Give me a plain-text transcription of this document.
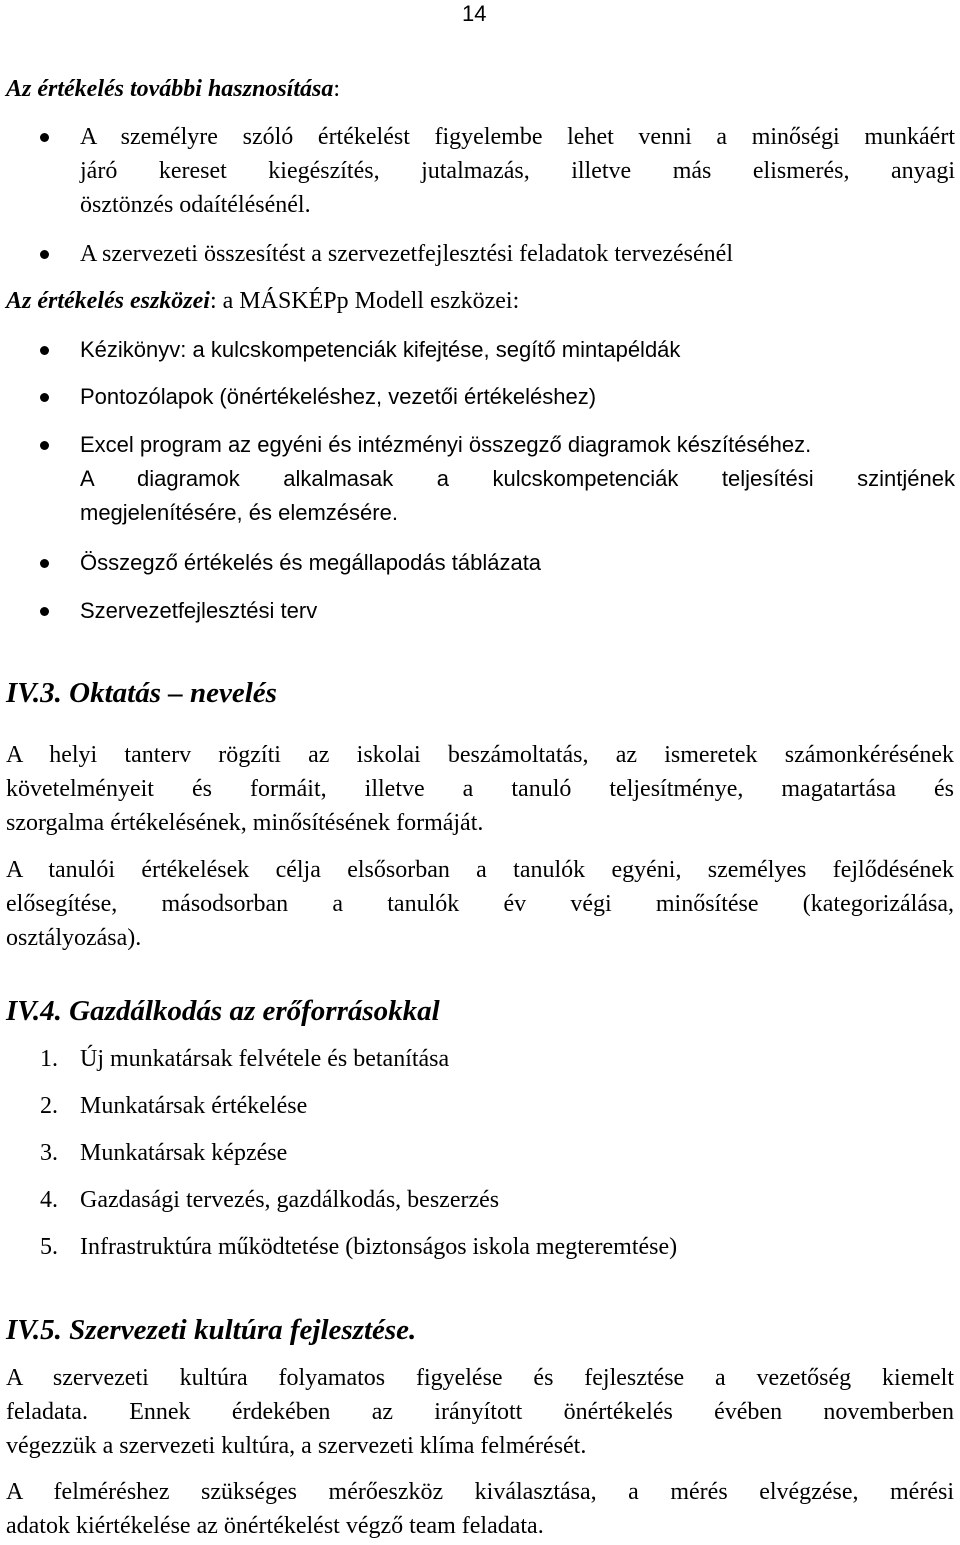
14
Az értékelés további hasznosítása:
A személyre szóló értékelést figyelembe lehet venni a minőségi munkáért
járó kereset kiegészítés, jutalmazás, illetve más elismerés, anyagi
ösztönzés odaítélésénél.
A szervezeti összesítést a szervezetfejlesztési feladatok tervezésénél
Az értékelés eszközei: a MÁSKÉPp Modell eszközei:
Kézikönyv: a kulcskompetenciák kifejtése, segítő mintapéldák
Pontozólapok (önértékeléshez, vezetői értékeléshez)
Excel program az egyéni és intézményi összegző diagramok készítéséhez.
A diagramok alkalmasak a kulcskompetenciák teljesítési szintjének
megjelenítésére, és elemzésére.
Összegző értékelés és megállapodás táblázata
Szervezetfejlesztési terv
IV.3. Oktatás – nevelés
A helyi tanterv rögzíti az iskolai beszámoltatás, az ismeretek számonkérésének
követelményeit és formáit, illetve a tanuló teljesítménye, magatartása és
szorgalma értékelésének, minősítésének formáját.
A tanulói értékelések célja elsősorban a tanulók egyéni, személyes fejlődésének
elősegítése, másodsorban a tanulók év végi minősítése (kategorizálása,
osztályozása).
IV.4. Gazdálkodás az erőforrásokkal
1. Új munkatársak felvétele és betanítása
2. Munkatársak értékelése
3. Munkatársak képzése
4. Gazdasági tervezés, gazdálkodás, beszerzés
5. Infrastruktúra működtetése (biztonságos iskola megteremtése)
IV.5. Szervezeti kultúra fejlesztése.
A szervezeti kultúra folyamatos figyelése és fejlesztése a vezetőség kiemelt
feladata. Ennek érdekében az irányított önértékelés évében novemberben
végezzük a szervezeti kultúra, a szervezeti klíma felmérését.
A felméréshez szükséges mérőeszköz kiválasztása, a mérés elvégzése, mérési
adatok kiértékelése az önértékelést végző team feladata.
